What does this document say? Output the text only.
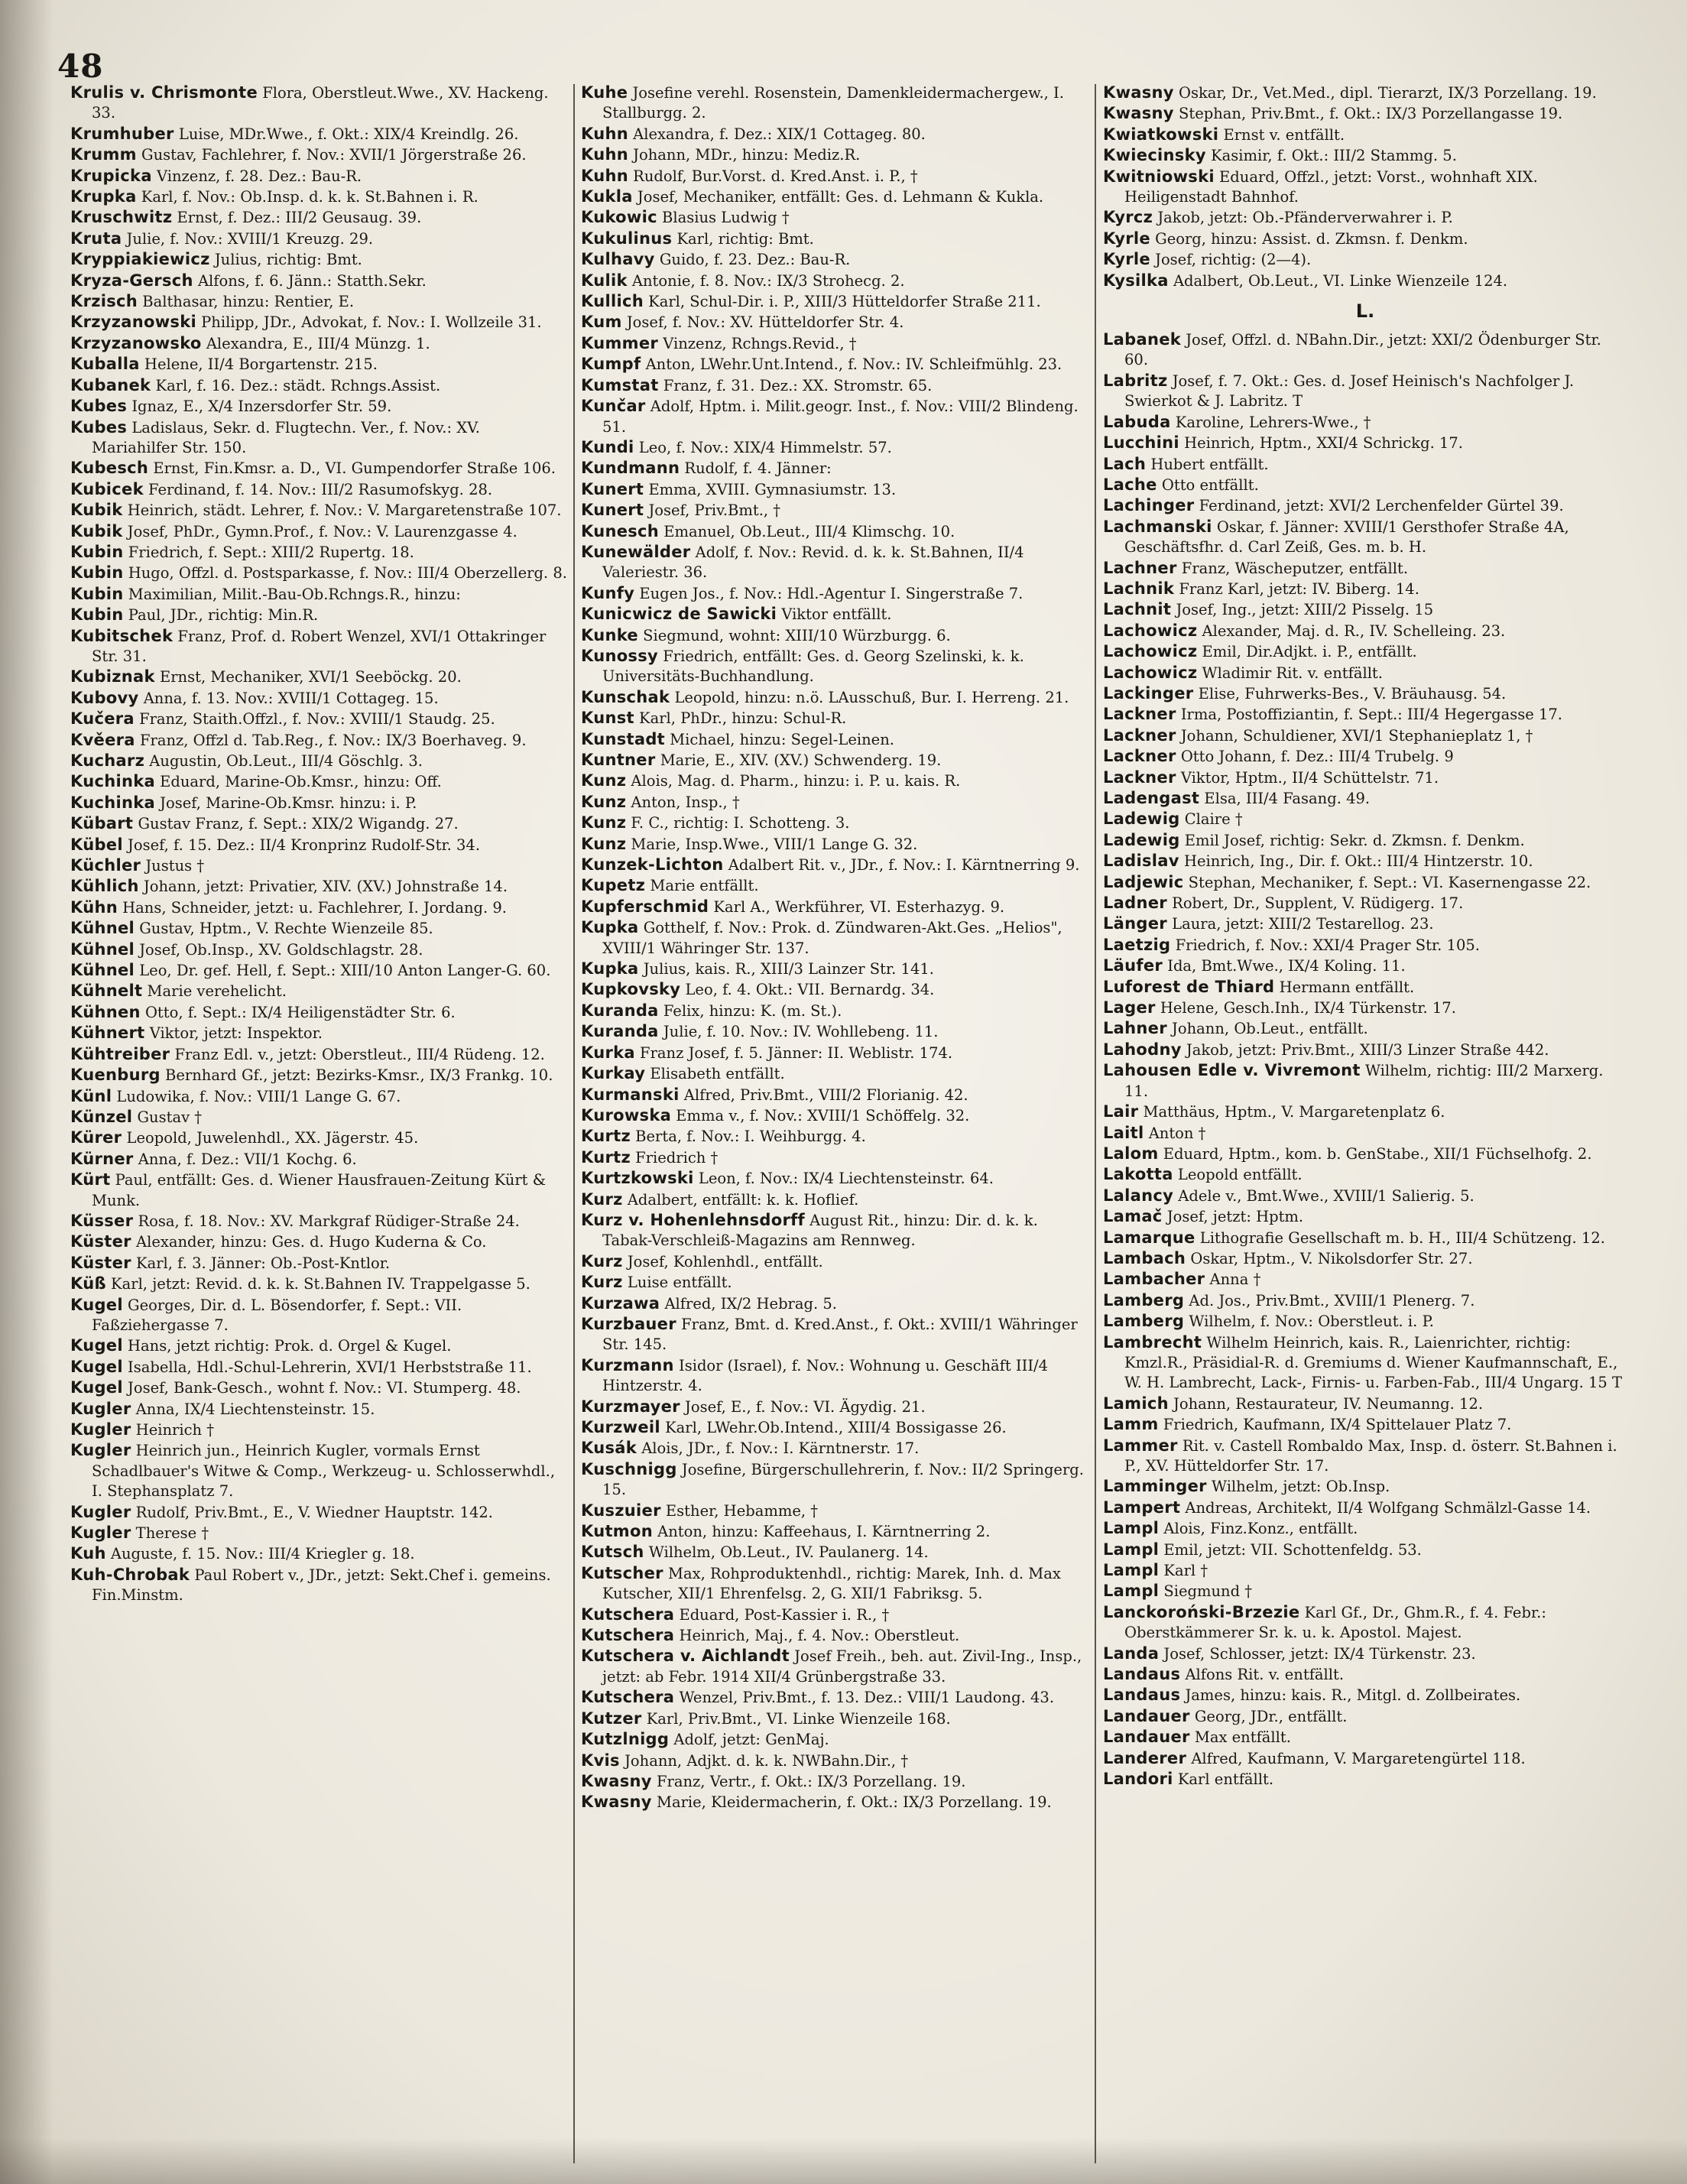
48
Krulis v. Chrismonte Flora, Oberstleut.Wwe., XV. Hackeng. 33.
Krumhuber Luise, MDr.Wwe., f. Okt.: XIX/4 Kreindlg. 26.
Krumm Gustav, Fachlehrer, f. Nov.: XVII/1 Jörgerstraße 26.
Krupicka Vinzenz, f. 28. Dez.: Bau-R.
Krupka Karl, f. Nov.: Ob.Insp. d. k. k. St.Bahnen i. R.
Kruschwitz Ernst, f. Dez.: III/2 Geusaug. 39.
Kruta Julie, f. Nov.: XVIII/1 Kreuzg. 29.
Kryppiakiewicz Julius, richtig: Bmt.
Kryza-Gersch Alfons, f. 6. Jänn.: Statth.Sekr.
Krzisch Balthasar, hinzu: Rentier, E.
Krzyzanowski Philipp, JDr., Advokat, f. Nov.: I. Wollzeile 31.
Krzyzanowsko Alexandra, E., III/4 Münzg. 1.
Kuballa Helene, II/4 Borgartenstr. 215.
Kubanek Karl, f. 16. Dez.: städt. Rchngs.Assist.
Kubes Ignaz, E., X/4 Inzersdorfer Str. 59.
Kubes Ladislaus, Sekr. d. Flugtechn. Ver., f. Nov.: XV. Mariahilfer Str. 150.
Kubesch Ernst, Fin.Kmsr. a. D., VI. Gumpendorfer Straße 106.
Kubicek Ferdinand, f. 14. Nov.: III/2 Rasumofskyg. 28.
Kubik Heinrich, städt. Lehrer, f. Nov.: V. Margaretenstraße 107.
Kubik Josef, PhDr., Gymn.Prof., f. Nov.: V. Laurenzgasse 4.
Kubin Friedrich, f. Sept.: XIII/2 Rupertg. 18.
Kubin Hugo, Offzl. d. Postsparkasse, f. Nov.: III/4 Oberzellerg. 8.
Kubin Maximilian, Milit.-Bau-Ob.Rchngs.R., hinzu:
Kubin Paul, JDr., richtig: Min.R.
Kubitschek Franz, Prof. d. Robert Wenzel, XVI/1 Ottakringer Str. 31.
Kubiznak Ernst, Mechaniker, XVI/1 Seeböckg. 20.
Kubovy Anna, f. 13. Nov.: XVIII/1 Cottageg. 15.
Kučera Franz, Staith.Offzl., f. Nov.: XVIII/1 Staudg. 25.
Kvěera Franz, Offzl d. Tab.Reg., f. Nov.: IX/3 Boerhaveg. 9.
Kucharz Augustin, Ob.Leut., III/4 Göschlg. 3.
Kuchinka Eduard, Marine-Ob.Kmsr., hinzu: Off.
Kuchinka Josef, Marine-Ob.Kmsr. hinzu: i. P.
Kübart Gustav Franz, f. Sept.: XIX/2 Wigandg. 27.
Kübel Josef, f. 15. Dez.: II/4 Kronprinz Rudolf-Str. 34.
Küchler Justus †
Kühlich Johann, jetzt: Privatier, XIV. (XV.) Johnstraße 14.
Kühn Hans, Schneider, jetzt: u. Fachlehrer, I. Jordang. 9.
Kühnel Gustav, Hptm., V. Rechte Wienzeile 85.
Kühnel Josef, Ob.Insp., XV. Goldschlagstr. 28.
Kühnel Leo, Dr. gef. Hell, f. Sept.: XIII/10 Anton Langer-G. 60.
Kühnelt Marie verehelicht.
Kühnen Otto, f. Sept.: IX/4 Heiligenstädter Str. 6.
Kühnert Viktor, jetzt: Inspektor.
Kühtreiber Franz Edl. v., jetzt: Oberstleut., III/4 Rüdeng. 12.
Kuenburg Bernhard Gf., jetzt: Bezirks-Kmsr., IX/3 Frankg. 10.
Künl Ludowika, f. Nov.: VIII/1 Lange G. 67.
Künzel Gustav †
Kürer Leopold, Juwelenhdl., XX. Jägerstr. 45.
Kürner Anna, f. Dez.: VII/1 Kochg. 6.
Kürt Paul, entfällt: Ges. d. Wiener Hausfrauen-Zeitung Kürt & Munk.
Küsser Rosa, f. 18. Nov.: XV. Markgraf Rüdiger-Straße 24.
Küster Alexander, hinzu: Ges. d. Hugo Kuderna & Co.
Küster Karl, f. 3. Jänner: Ob.-Post-Kntlor.
Küß Karl, jetzt: Revid. d. k. k. St.Bahnen IV. Trappelgasse 5.
Kugel Georges, Dir. d. L. Bösendorfer, f. Sept.: VII. Faßziehergasse 7.
Kugel Hans, jetzt richtig: Prok. d. Orgel & Kugel.
Kugel Isabella, Hdl.-Schul-Lehrerin, XVI/1 Herbststraße 11.
Kugel Josef, Bank-Gesch., wohnt f. Nov.: VI. Stumperg. 48.
Kugler Anna, IX/4 Liechtensteinstr. 15.
Kugler Heinrich †
Kugler Heinrich jun., Heinrich Kugler, vormals Ernst Schadlbauer's Witwe & Comp., Werkzeug- u. Schlosserwhdl., I. Stephansplatz 7.
Kugler Rudolf, Priv.Bmt., E., V. Wiedner Hauptstr. 142.
Kugler Therese †
Kuh Auguste, f. 15. Nov.: III/4 Kriegler g. 18.
Kuh-Chrobak Paul Robert v., JDr., jetzt: Sekt.Chef i. gemeins. Fin.Minstm.
Kuhe Josefine verehl. Rosenstein, Damenkleidermachergew., I. Stallburgg. 2.
Kuhn Alexandra, f. Dez.: XIX/1 Cottageg. 80.
Kuhn Johann, MDr., hinzu: Mediz.R.
Kuhn Rudolf, Bur.Vorst. d. Kred.Anst. i. P., †
Kukla Josef, Mechaniker, entfällt: Ges. d. Lehmann & Kukla.
Kukowic Blasius Ludwig †
Kukulinus Karl, richtig: Bmt.
Kulhavy Guido, f. 23. Dez.: Bau-R.
Kulik Antonie, f. 8. Nov.: IX/3 Strohecg. 2.
Kullich Karl, Schul-Dir. i. P., XIII/3 Hütteldorfer Straße 211.
Kum Josef, f. Nov.: XV. Hütteldorfer Str. 4.
Kummer Vinzenz, Rchngs.Revid., †
Kumpf Anton, LWehr.Unt.Intend., f. Nov.: IV. Schleifmühlg. 23.
Kumstat Franz, f. 31. Dez.: XX. Stromstr. 65.
Kunčar Adolf, Hptm. i. Milit.geogr. Inst., f. Nov.: VIII/2 Blindeng. 51.
Kundi Leo, f. Nov.: XIX/4 Himmelstr. 57.
Kundmann Rudolf, f. 4. Jänner:
Kunert Emma, XVIII. Gymnasiumstr. 13.
Kunert Josef, Priv.Bmt., †
Kunesch Emanuel, Ob.Leut., III/4 Klimschg. 10.
Kunewälder Adolf, f. Nov.: Revid. d. k. k. St.Bahnen, II/4 Valeriestr. 36.
Kunfy Eugen Jos., f. Nov.: Hdl.-Agentur I. Singerstraße 7.
Kunicwicz de Sawicki Viktor entfällt.
Kunke Siegmund, wohnt: XIII/10 Würzburgg. 6.
Kunossy Friedrich, entfällt: Ges. d. Georg Szelinski, k. k. Universitäts-Buchhandlung.
Kunschak Leopold, hinzu: n.ö. LAusschuß, Bur. I. Herreng. 21.
Kunst Karl, PhDr., hinzu: Schul-R.
Kunstadt Michael, hinzu: Segel-Leinen.
Kuntner Marie, E., XIV. (XV.) Schwenderg. 19.
Kunz Alois, Mag. d. Pharm., hinzu: i. P. u. kais. R.
Kunz Anton, Insp., †
Kunz F. C., richtig: I. Schotteng. 3.
Kunz Marie, Insp.Wwe., VIII/1 Lange G. 32.
Kunzek-Lichton Adalbert Rit. v., JDr., f. Nov.: I. Kärntnerring 9.
Kupetz Marie entfällt.
Kupferschmid Karl A., Werkführer, VI. Esterhazyg. 9.
Kupka Gotthelf, f. Nov.: Prok. d. Zündwaren-Akt.Ges. „Helios", XVIII/1 Währinger Str. 137.
Kupka Julius, kais. R., XIII/3 Lainzer Str. 141.
Kupkovsky Leo, f. 4. Okt.: VII. Bernardg. 34.
Kuranda Felix, hinzu: K. (m. St.).
Kuranda Julie, f. 10. Nov.: IV. Wohllebeng. 11.
Kurka Franz Josef, f. 5. Jänner: II. Weblistr. 174.
Kurkay Elisabeth entfällt.
Kurmanski Alfred, Priv.Bmt., VIII/2 Florianig. 42.
Kurowska Emma v., f. Nov.: XVIII/1 Schöffelg. 32.
Kurtz Berta, f. Nov.: I. Weihburgg. 4.
Kurtz Friedrich †
Kurtzkowski Leon, f. Nov.: IX/4 Liechtensteinstr. 64.
Kurz Adalbert, entfällt: k. k. Hoflief.
Kurz v. Hohenlehnsdorff August Rit., hinzu: Dir. d. k. k. Tabak-Verschleiß-Magazins am Rennweg.
Kurz Josef, Kohlenhdl., entfällt.
Kurz Luise entfällt.
Kurzawa Alfred, IX/2 Hebrag. 5.
Kurzbauer Franz, Bmt. d. Kred.Anst., f. Okt.: XVIII/1 Währinger Str. 145.
Kurzmann Isidor (Israel), f. Nov.: Wohnung u. Geschäft III/4 Hintzerstr. 4.
Kurzmayer Josef, E., f. Nov.: VI. Ägydig. 21.
Kurzweil Karl, LWehr.Ob.Intend., XIII/4 Bossigasse 26.
Kusák Alois, JDr., f. Nov.: I. Kärntnerstr. 17.
Kuschnigg Josefine, Bürgerschullehrerin, f. Nov.: II/2 Springerg. 15.
Kuszuier Esther, Hebamme, †
Kutmon Anton, hinzu: Kaffeehaus, I. Kärntnerring 2.
Kutsch Wilhelm, Ob.Leut., IV. Paulanerg. 14.
Kutscher Max, Rohproduktenhdl., richtig: Marek, Inh. d. Max Kutscher, XII/1 Ehrenfelsg. 2, G. XII/1 Fabriksg. 5.
Kutschera Eduard, Post-Kassier i. R., †
Kutschera Heinrich, Maj., f. 4. Nov.: Oberstleut.
Kutschera v. Aichlandt Josef Freih., beh. aut. Zivil-Ing., Insp., jetzt: ab Febr. 1914 XII/4 Grünbergstraße 33.
Kutschera Wenzel, Priv.Bmt., f. 13. Dez.: VIII/1 Laudong. 43.
Kutzer Karl, Priv.Bmt., VI. Linke Wienzeile 168.
Kutzlnigg Adolf, jetzt: GenMaj.
Kvis Johann, Adjkt. d. k. k. NWBahn.Dir., †
Kwasny Franz, Vertr., f. Okt.: IX/3 Porzellang. 19.
Kwasny Marie, Kleidermacherin, f. Okt.: IX/3 Porzellang. 19.
Kwasny Oskar, Dr., Vet.Med., dipl. Tierarzt, IX/3 Porzellang. 19.
Kwasny Stephan, Priv.Bmt., f. Okt.: IX/3 Porzellangasse 19.
Kwiatkowski Ernst v. entfällt.
Kwiecinsky Kasimir, f. Okt.: III/2 Stammg. 5.
Kwitniowski Eduard, Offzl., jetzt: Vorst., wohnhaft XIX. Heiligenstadt Bahnhof.
Kyrcz Jakob, jetzt: Ob.-Pfänderverwahrer i. P.
Kyrle Georg, hinzu: Assist. d. Zkmsn. f. Denkm.
Kyrle Josef, richtig: (2—4).
Kysilka Adalbert, Ob.Leut., VI. Linke Wienzeile 124.
L.
Labanek Josef, Offzl. d. NBahn.Dir., jetzt: XXI/2 Ödenburger Str. 60.
Labritz Josef, f. 7. Okt.: Ges. d. Josef Heinisch's Nachfolger J. Swierkot & J. Labritz. T
Labuda Karoline, Lehrers-Wwe., †
Lucchini Heinrich, Hptm., XXI/4 Schrickg. 17.
Lach Hubert entfällt.
Lache Otto entfällt.
Lachinger Ferdinand, jetzt: XVI/2 Lerchenfelder Gürtel 39.
Lachmanski Oskar, f. Jänner: XVIII/1 Gersthofer Straße 4A, Geschäftsfhr. d. Carl Zeiß, Ges. m. b. H.
Lachner Franz, Wäscheputzer, entfällt.
Lachnik Franz Karl, jetzt: IV. Biberg. 14.
Lachnit Josef, Ing., jetzt: XIII/2 Pisselg. 15
Lachowicz Alexander, Maj. d. R., IV. Schelleing. 23.
Lachowicz Emil, Dir.Adjkt. i. P., entfällt.
Lachowicz Wladimir Rit. v. entfällt.
Lackinger Elise, Fuhrwerks-Bes., V. Bräuhausg. 54.
Lackner Irma, Postoffiziantin, f. Sept.: III/4 Hegergasse 17.
Lackner Johann, Schuldiener, XVI/1 Stephanieplatz 1, †
Lackner Otto Johann, f. Dez.: III/4 Trubelg. 9
Lackner Viktor, Hptm., II/4 Schüttelstr. 71.
Ladengast Elsa, III/4 Fasang. 49.
Ladewig Claire †
Ladewig Emil Josef, richtig: Sekr. d. Zkmsn. f. Denkm.
Ladislav Heinrich, Ing., Dir. f. Okt.: III/4 Hintzerstr. 10.
Ladjewic Stephan, Mechaniker, f. Sept.: VI. Kasernengasse 22.
Ladner Robert, Dr., Supplent, V. Rüdigerg. 17.
Länger Laura, jetzt: XIII/2 Testarellog. 23.
Laetzig Friedrich, f. Nov.: XXI/4 Prager Str. 105.
Läufer Ida, Bmt.Wwe., IX/4 Koling. 11.
Luforest de Thiard Hermann entfällt.
Lager Helene, Gesch.Inh., IX/4 Türkenstr. 17.
Lahner Johann, Ob.Leut., entfällt.
Lahodny Jakob, jetzt: Priv.Bmt., XIII/3 Linzer Straße 442.
Lahousen Edle v. Vivremont Wilhelm, richtig: III/2 Marxerg. 11.
Lair Matthäus, Hptm., V. Margaretenplatz 6.
Laitl Anton †
Lalom Eduard, Hptm., kom. b. GenStabe., XII/1 Füchselhofg. 2.
Lakotta Leopold entfällt.
Lalancy Adele v., Bmt.Wwe., XVIII/1 Salierig. 5.
Lamač Josef, jetzt: Hptm.
Lamarque Lithografie Gesellschaft m. b. H., III/4 Schützeng. 12.
Lambach Oskar, Hptm., V. Nikolsdorfer Str. 27.
Lambacher Anna †
Lamberg Ad. Jos., Priv.Bmt., XVIII/1 Plenerg. 7.
Lamberg Wilhelm, f. Nov.: Oberstleut. i. P.
Lambrecht Wilhelm Heinrich, kais. R., Laienrichter, richtig: Kmzl.R., Präsidial-R. d. Gremiums d. Wiener Kaufmannschaft, E., W. H. Lambrecht, Lack-, Firnis- u. Farben-Fab., III/4 Ungarg. 15 T
Lamich Johann, Restaurateur, IV. Neumanng. 12.
Lamm Friedrich, Kaufmann, IX/4 Spittelauer Platz 7.
Lammer Rit. v. Castell Rombaldo Max, Insp. d. österr. St.Bahnen i. P., XV. Hütteldorfer Str. 17.
Lamminger Wilhelm, jetzt: Ob.Insp.
Lampert Andreas, Architekt, II/4 Wolfgang Schmälzl-Gasse 14.
Lampl Alois, Finz.Konz., entfällt.
Lampl Emil, jetzt: VII. Schottenfeldg. 53.
Lampl Karl †
Lampl Siegmund †
Lanckoroński-Brzezie Karl Gf., Dr., Ghm.R., f. 4. Febr.: Oberstkämmerer Sr. k. u. k. Apostol. Majest.
Landa Josef, Schlosser, jetzt: IX/4 Türkenstr. 23.
Landaus Alfons Rit. v. entfällt.
Landaus James, hinzu: kais. R., Mitgl. d. Zollbeirates.
Landauer Georg, JDr., entfällt.
Landauer Max entfällt.
Landerer Alfred, Kaufmann, V. Margaretengürtel 118.
Landori Karl entfällt.
